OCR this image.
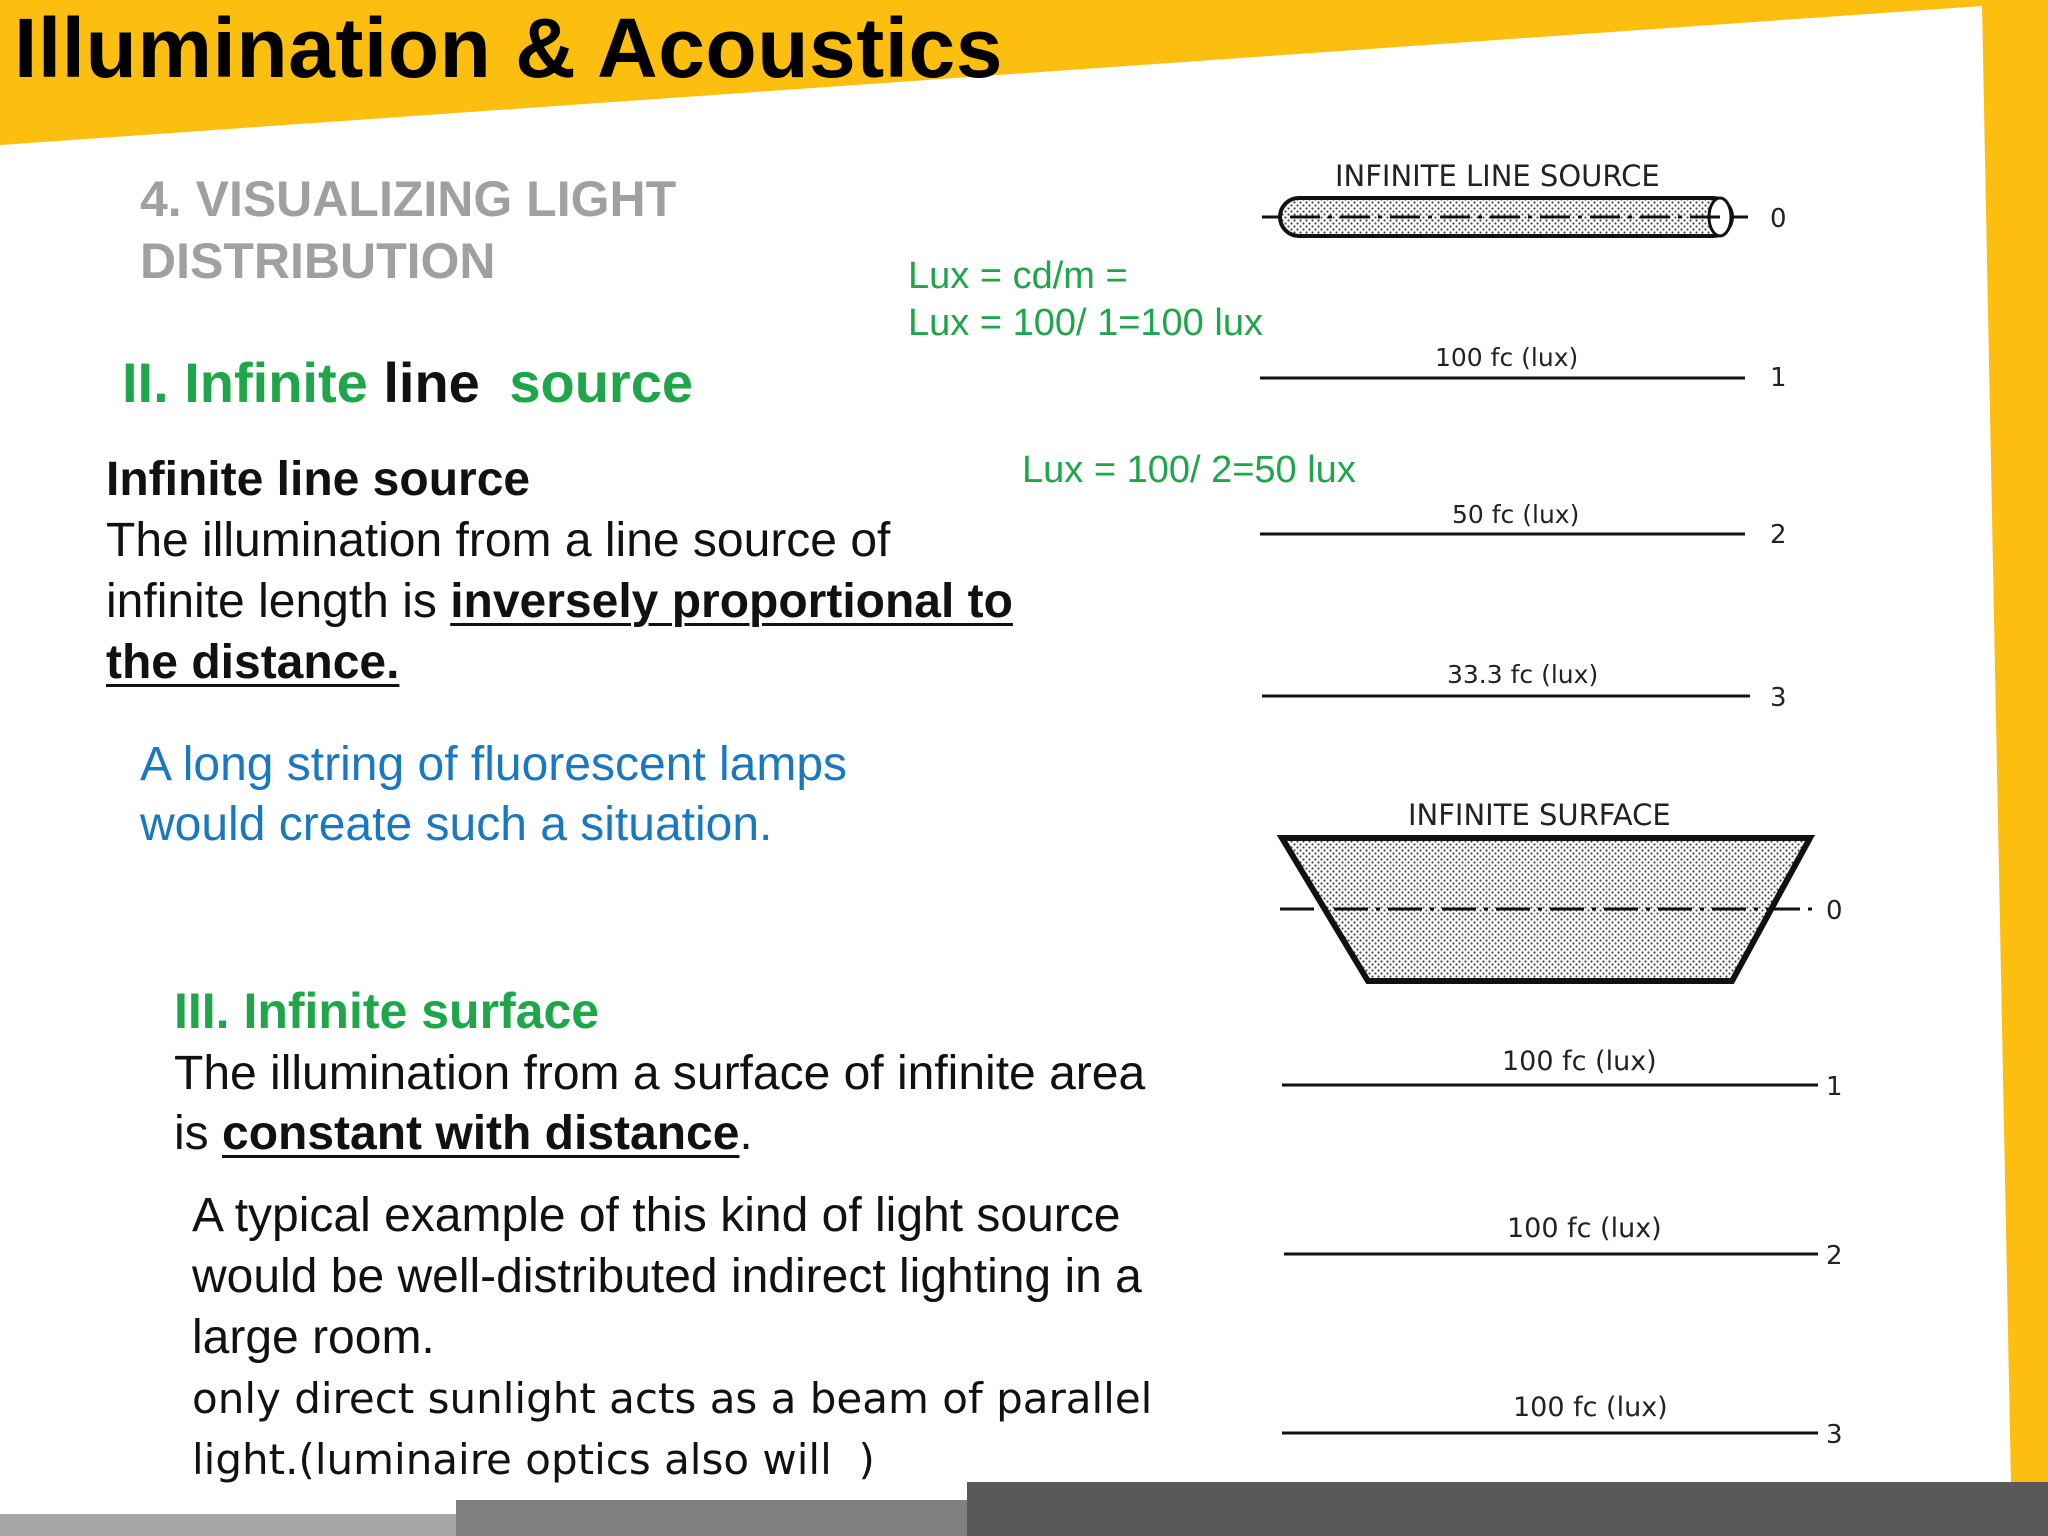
Illumination & Acoustics
4. VISUALIZING LIGHT
DISTRIBUTION	Lux = cd/m =
Lux = 100/ 1=100 lux
Lux = 100/ 2=50 lux
II. Infinite line source
Infinite line source
The illumination from a line source of
infinite length is inversely proportional to
the distance.
A long string of fluorescent lamps
would create such a situation.
III. Infinite surface
The illumination from a surface of infinite area
is constant with distance.
A typical example of this kind of light source
would be well-distributed indirect lighting in a
large room.
only direct sunlight acts as a beam of parallel
light.(luminaire optics also will  )
INFINITE LINE SOURCE
0
100 fc (lux)
1
50 fc (lux)
2
33.3 fc (lux)
3
INFINITE SURFACE
0
100 fc (lux)
1
100 fc (lux)
2
100 fc (lux)
3
